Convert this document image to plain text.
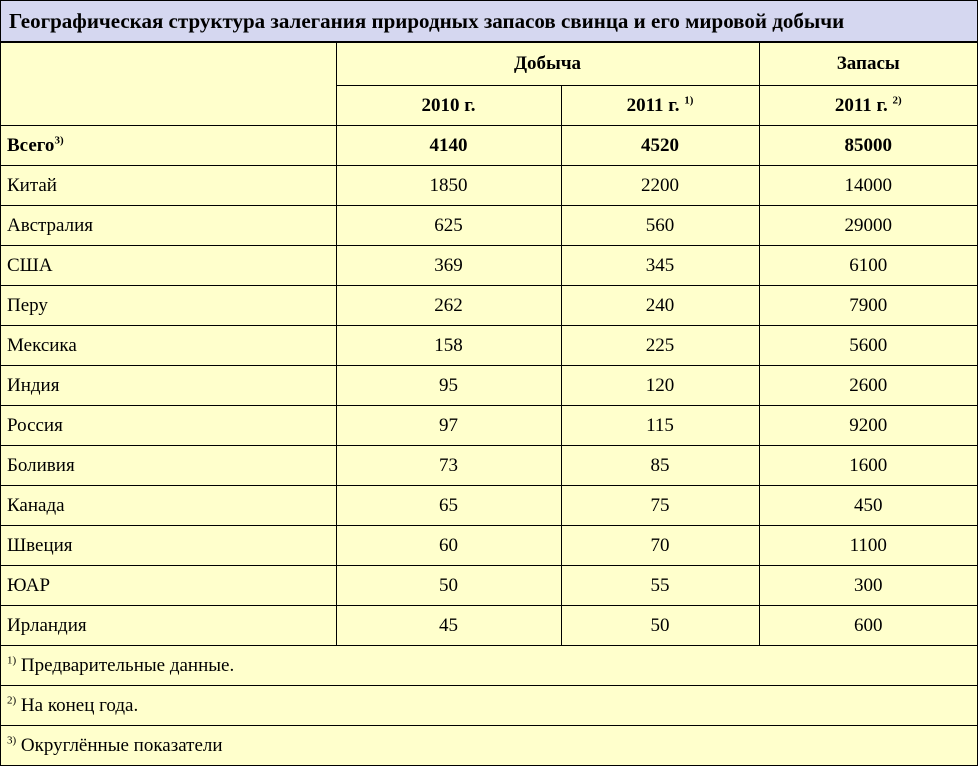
Географическая структура залегания природных запасов свинца и его мировой добычи
	Добыча		Запасы
	2010 г.	2011 г. $^{1)}$	2011 г. $^{2)}$
Всего$^{3)}$	4140	4520	85000
Китай	1850	2200	14000
Австралия	625	560	29000
США	369	345	6100
Перу	262	240	7900
Мексика	158	225	5600
Индия	95	120	2600
Россия	97	115	9200
Боливия	73	85	1600
Канада	65	75	450
Швеция	60	70	1100
ЮАР	50	55	300
Ирландия	45	50	600
$^{1)}$ Предварительные данные.			
$^{2)}$ На конец года.			
$^{3)}$ Округлённые показатели			
